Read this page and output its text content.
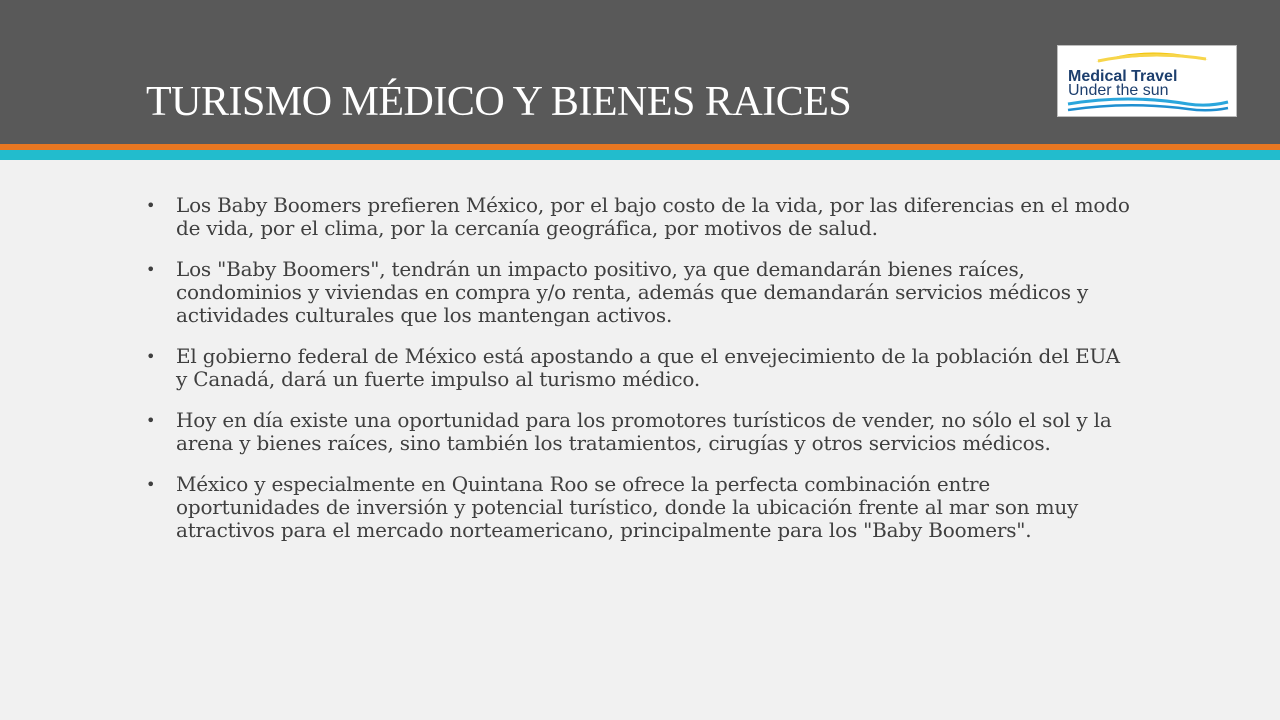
TURISMO MÉDICO Y BIENES RAICES
Medical Travel
Under the sun
• Los Baby Boomers prefieren México, por el bajo costo de la vida, por las diferencias en el modo de vida, por el clima, por la cercanía geográfica, por motivos de salud.
• Los "Baby Boomers", tendrán un impacto positivo, ya que demandarán bienes raíces, condominios y viviendas en compra y/o renta, además que demandarán servicios médicos y actividades culturales que los mantengan activos.
• El gobierno federal de México está apostando a que el envejecimiento de la población del EUA y Canadá, dará un fuerte impulso al turismo médico.
• Hoy en día existe una oportunidad para los promotores turísticos de vender, no sólo el sol y la arena y bienes raíces, sino también los tratamientos, cirugías y otros servicios médicos.
• México y especialmente en Quintana Roo se ofrece la perfecta combinación entre oportunidades de inversión y potencial turístico, donde la ubicación frente al mar son muy atractivos para el mercado norteamericano, principalmente para los "Baby Boomers".
